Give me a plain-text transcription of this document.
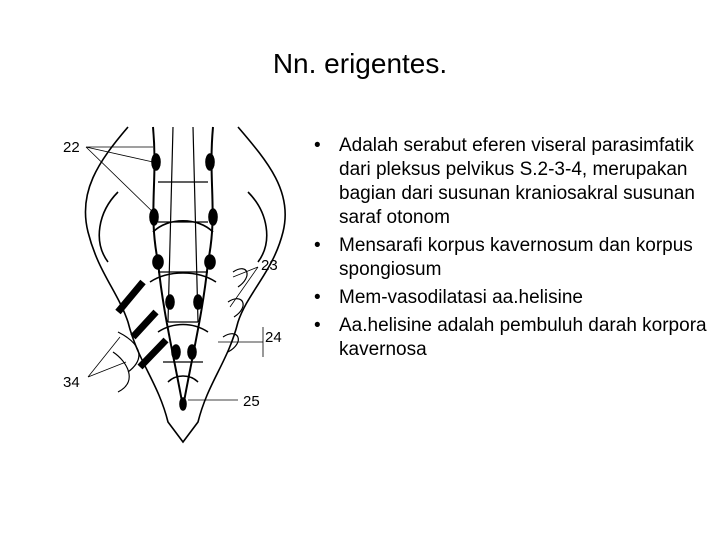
Nn. erigentes.
22
23
24
34
25
• Adalah serabut eferen viseral parasimfatik dari pleksus pelvikus S.2-3-4, merupakan bagian dari susunan kraniosakral susunan saraf otonom
• Mensarafi korpus kavernosum dan korpus spongiosum
• Mem-vasodilatasi aa.helisine
• Aa.helisine adalah pembuluh darah korpora kavernosa
